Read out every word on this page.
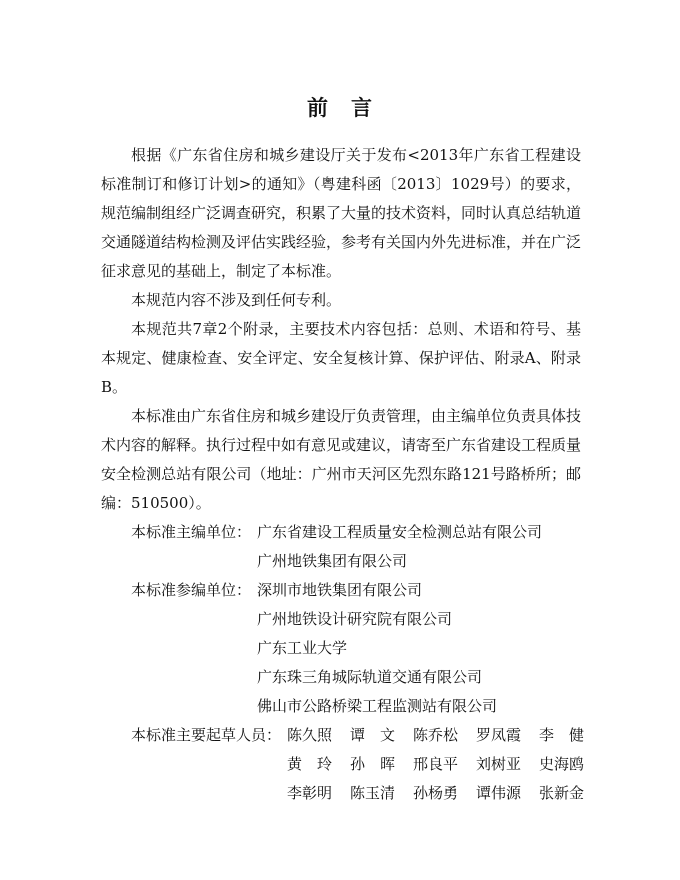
前 言

根据《广东省住房和城乡建设厅关于发布<2013年广东省工程建设标准制订和修订计划>的通知》（粤建科函〔2013〕1029号）的要求，规范编制组经广泛调查研究，积累了大量的技术资料，同时认真总结轨道交通隧道结构检测及评估实践经验，参考有关国内外先进标准，并在广泛征求意见的基础上，制定了本标准。

本规范内容不涉及到任何专利。

本规范共7章2个附录，主要技术内容包括：总则、术语和符号、基本规定、健康检查、安全评定、安全复核计算、保护评估、附录A、附录B。

本标准由广东省住房和城乡建设厅负责管理，由主编单位负责具体技术内容的解释。执行过程中如有意见或建议，请寄至广东省建设工程质量安全检测总站有限公司（地址：广州市天河区先烈东路121号路桥所；邮编：510500）。

本标准主编单位： 广东省建设工程质量安全检测总站有限公司
广州地铁集团有限公司
本标准参编单位： 深圳市地铁集团有限公司
广州地铁设计研究院有限公司
广东工业大学
广东珠三角城际轨道交通有限公司
佛山市公路桥梁工程监测站有限公司
本标准主要起草人员： 陈久照	谭　文	陈乔松	罗凤霞	李　健
黄　玲	孙　晖	邢良平	刘树亚	史海鸥
李彰明	陈玉清	孙杨勇	谭伟源	张新金
